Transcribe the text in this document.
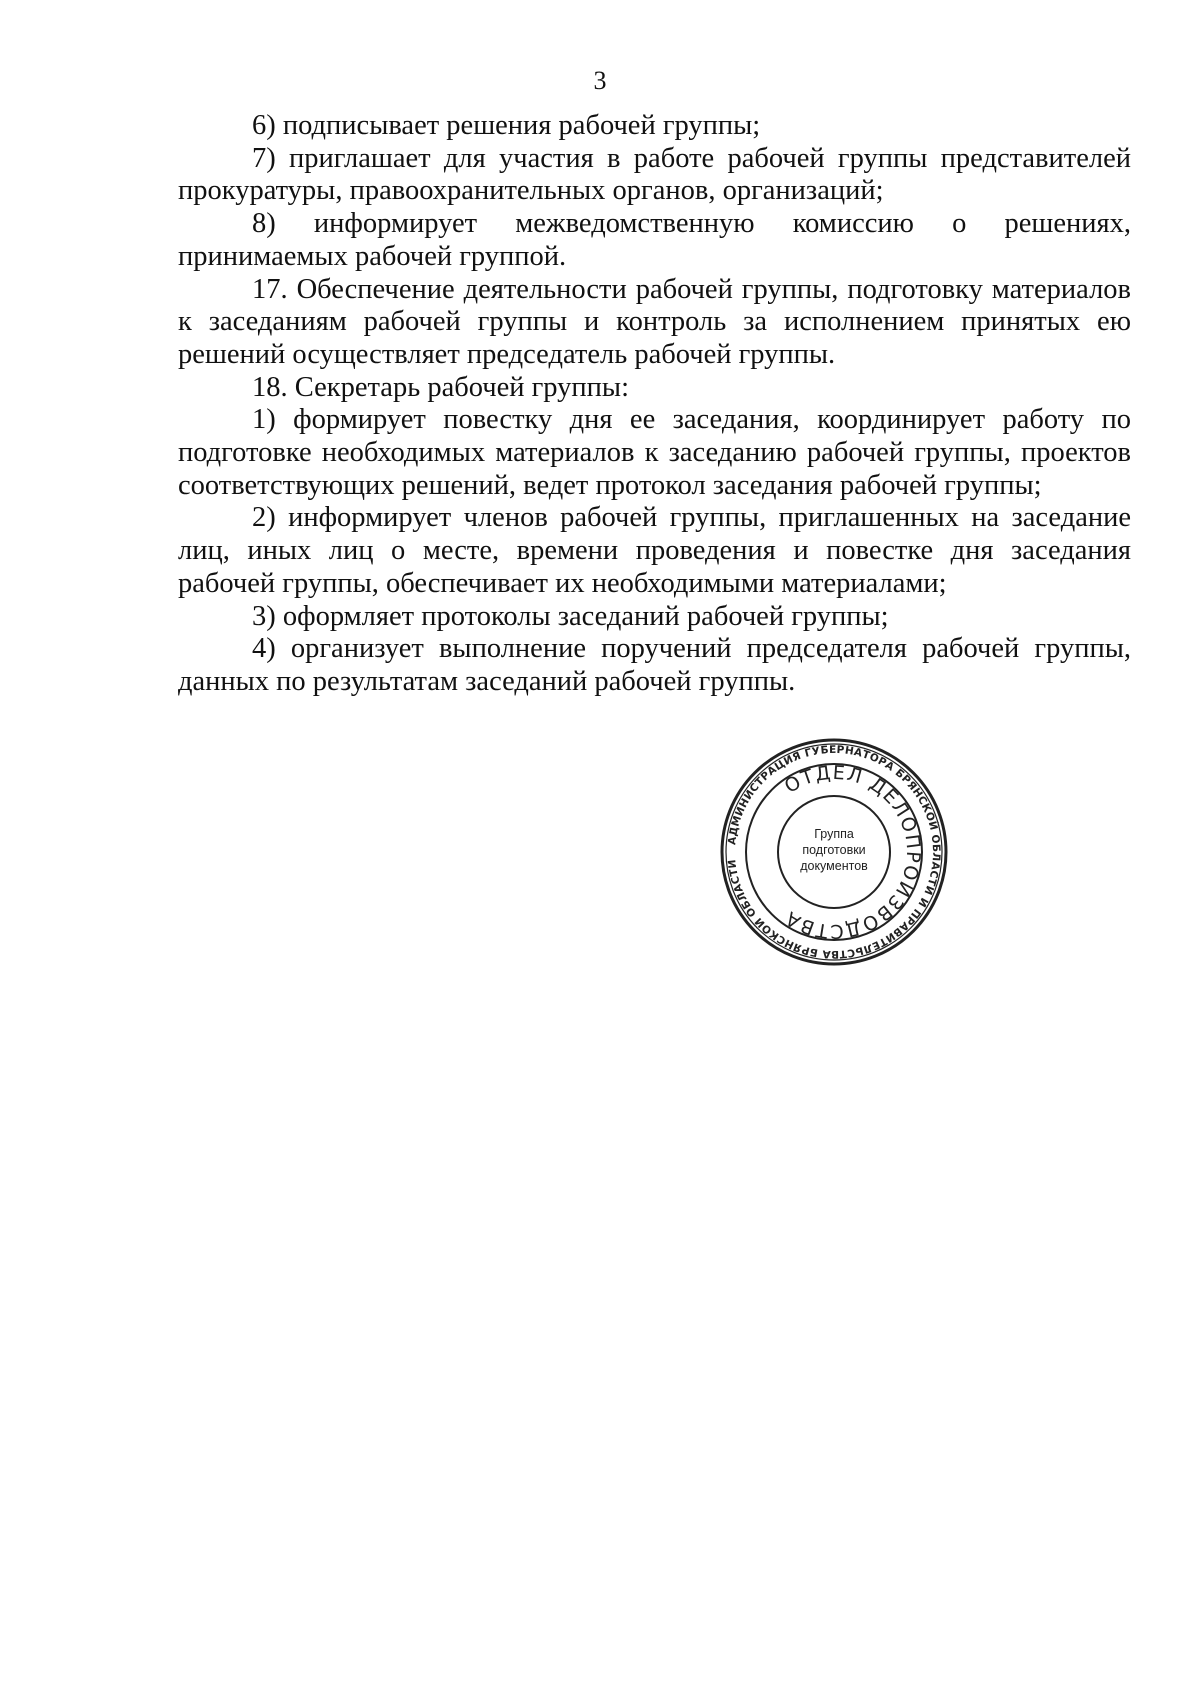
3

6) подписывает решения рабочей группы;

7) приглашает для участия в работе рабочей группы представителей прокуратуры, правоохранительных органов, организаций;

8) информирует межведомственную комиссию о решениях, принимаемых рабочей группой.

17. Обеспечение деятельности рабочей группы, подготовку материалов к заседаниям рабочей группы и контроль за исполнением принятых ею решений осуществляет председатель рабочей группы.

18. Секретарь рабочей группы:

1) формирует повестку дня ее заседания, координирует работу по подготовке необходимых материалов к заседанию рабочей группы, проектов соответствующих решений, ведет протокол заседания рабочей группы;

2) информирует членов рабочей группы, приглашенных на заседание лиц, иных лиц о месте, времени проведения и повестке дня заседания рабочей группы, обеспечивает их необходимыми материалами;

3) оформляет протоколы заседаний рабочей группы;

4) организует выполнение поручений председателя рабочей группы, данных по результатам заседаний рабочей группы.

АДМИНИСТРАЦИЯ ГУБЕРНАТОРА БРЯНСКОЙ ОБЛАСТИ И ПРАВИТЕЛЬСТВА БРЯНСКОЙ ОБЛАСТИ
ОТДЕЛ ДЕЛОПРОИЗВОДСТВА
Группа
подготовки
документов
